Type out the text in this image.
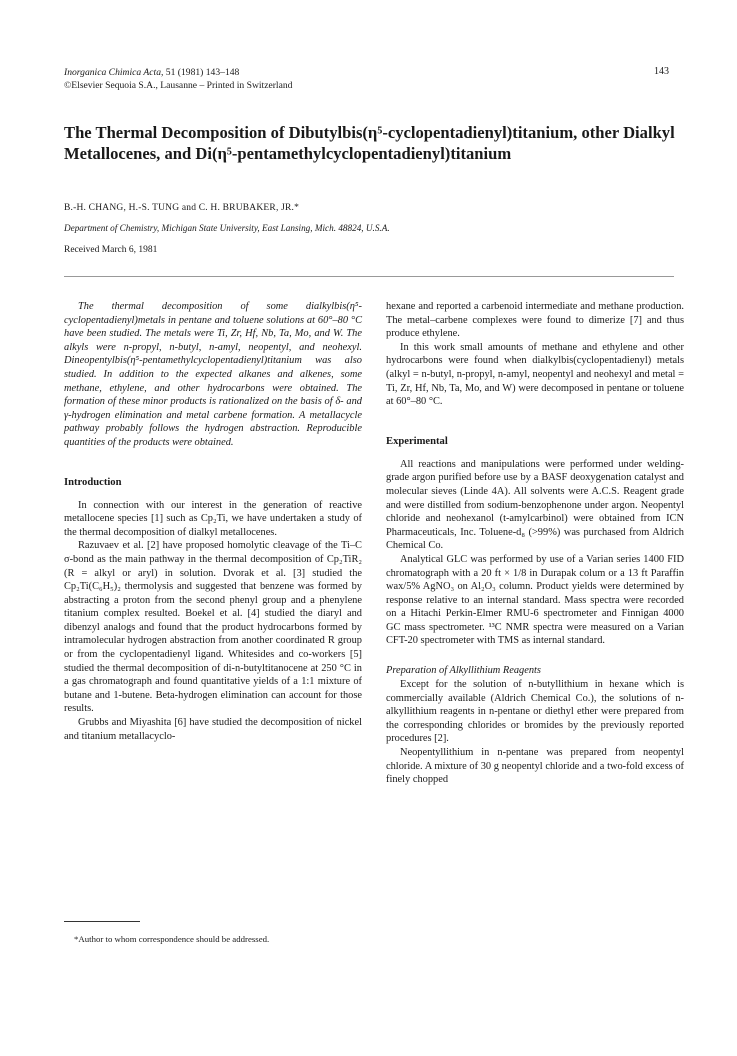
Inorganica Chimica Acta, 51 (1981) 143–148
©Elsevier Sequoia S.A., Lausanne – Printed in Switzerland
143
The Thermal Decomposition of Dibutylbis(η⁵-cyclopentadienyl)titanium, other Dialkyl Metallocenes, and Di(η⁵-pentamethylcyclopentadienyl)titanium
B.-H. CHANG, H.-S. TUNG and C. H. BRUBAKER, JR.*
Department of Chemistry, Michigan State University, East Lansing, Mich. 48824, U.S.A.
Received March 6, 1981

The thermal decomposition of some dialkylbis(η⁵-cyclopentadienyl)metals in pentane and toluene solutions at 60°–80 °C have been studied. The metals were Ti, Zr, Hf, Nb, Ta, Mo, and W. The alkyls were n-propyl, n-butyl, n-amyl, neopentyl, and neohexyl. Dineopentylbis(η⁵-pentamethylcyclopentadienyl)titanium was also studied. In addition to the expected alkanes and alkenes, some methane, ethylene, and other hydrocarbons were obtained. The formation of these minor products is rationalized on the basis of δ- and γ-hydrogen elimination and metal carbene formation. A metallacycle pathway probably follows the hydrogen abstraction. Reproducible quantities of the products were obtained.

Introduction

In connection with our interest in the generation of reactive metallocene species [1] such as Cp₂Ti, we have undertaken a study of the thermal decomposition of dialkyl metallocenes.

Razuvaev et al. [2] have proposed homolytic cleavage of the Ti–C σ-bond as the main pathway in the thermal decomposition of Cp₂TiR₂ (R = alkyl or aryl) in solution. Dvorak et al. [3] studied the Cp₂Ti(C₆H₅)₂ thermolysis and suggested that benzene was formed by abstracting a proton from the second phenyl group and a phenylene titanium complex resulted. Boekel et al. [4] studied the diaryl and dibenzyl analogs and found that the product hydrocarbons formed by intramolecular hydrogen abstraction from another coordinated R group or from the cyclopentadienyl ligand. Whitesides and co-workers [5] studied the thermal decomposition of di-n-butyltitanocene at 250 °C in a gas chromatograph and found quantitative yields of a 1:1 mixture of butane and 1-butene. Beta-hydrogen elimination can account for those results.

Grubbs and Miyashita [6] have studied the decomposition of nickel and titanium metallacyclo-

hexane and reported a carbenoid intermediate and methane production. The metal–carbene complexes were found to dimerize [7] and thus produce ethylene.

In this work small amounts of methane and ethylene and other hydrocarbons were found when dialkylbis(cyclopentadienyl) metals (alkyl = n-butyl, n-propyl, n-amyl, neopentyl and neohexyl and metal = Ti, Zr, Hf, Nb, Ta, Mo, and W) were decomposed in pentane or toluene at 60°–80 °C.

Experimental

All reactions and manipulations were performed under welding-grade argon purified before use by a BASF deoxygenation catalyst and molecular sieves (Linde 4A). All solvents were A.C.S. Reagent grade and were distilled from sodium-benzophenone under argon. Neopentyl chloride and neohexanol (t-amylcarbinol) were obtained from ICN Pharmaceuticals, Inc. Toluene-d₈ (>99%) was purchased from Aldrich Chemical Co.

Analytical GLC was performed by use of a Varian series 1400 FID chromatograph with a 20 ft × 1/8 in Durapak colum or a 13 ft Paraffin wax/5% AgNO₃ on Al₂O₃ column. Product yields were determined by response relative to an internal standard. Mass spectra were recorded on a Hitachi Perkin-Elmer RMU-6 spectrometer and Finnigan 4000 GC mass spectrometer. ¹³C NMR spectra were measured on a Varian CFT-20 spectrometer with TMS as internal standard.

Preparation of Alkyllithium Reagents

Except for the solution of n-butyllithium in hexane which is commercially available (Aldrich Chemical Co.), the solutions of n-alkyllithium reagents in n-pentane or diethyl ether were prepared from the corresponding chlorides or bromides by the previously reported procedures [2].

Neopentyllithium in n-pentane was prepared from neopentyl chloride. A mixture of 30 g neopentyl chloride and a two-fold excess of finely chopped

*Author to whom correspondence should be addressed.
